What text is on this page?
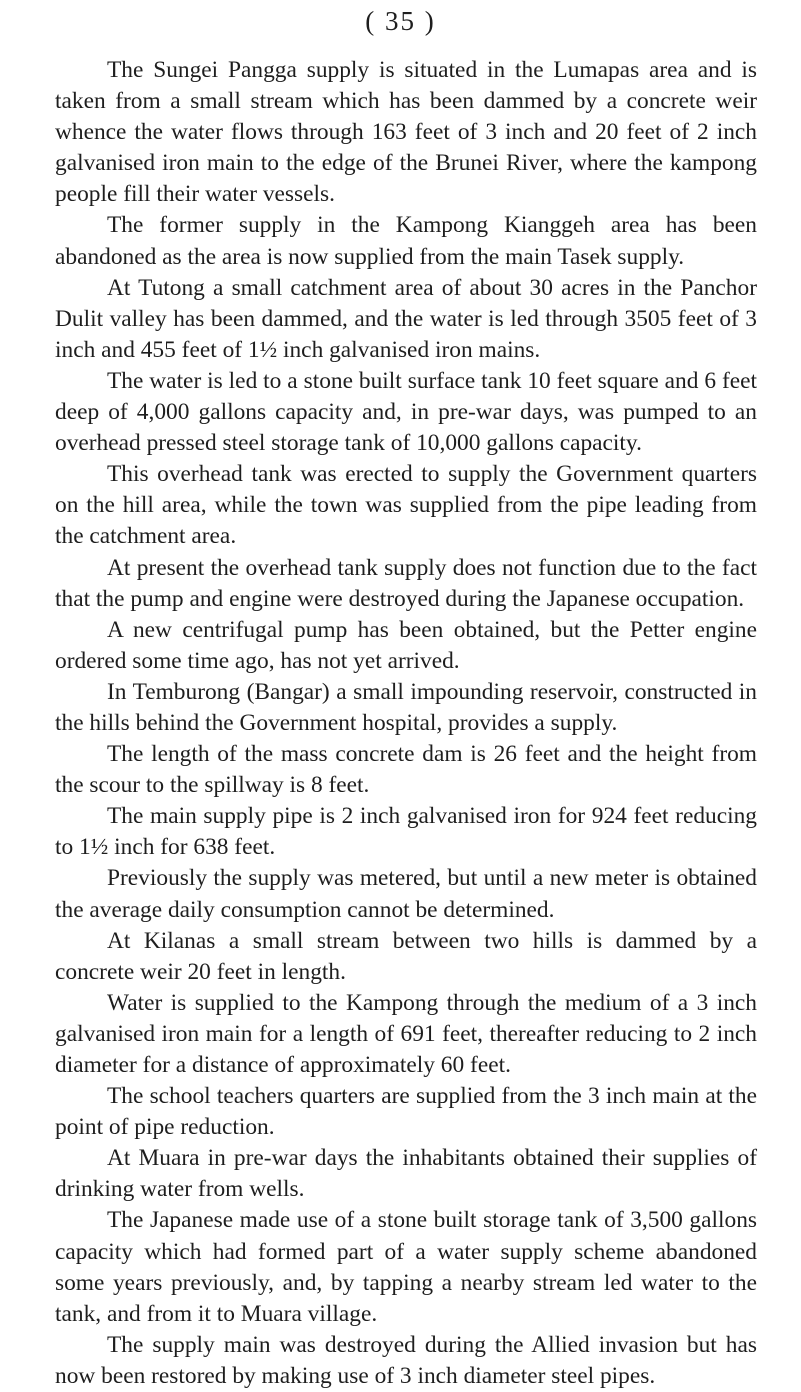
( 35 )

The Sungei Pangga supply is situated in the Lumapas area and is taken from a small stream which has been dammed by a concrete weir whence the water flows through 163 feet of 3 inch and 20 feet of 2 inch galvanised iron main to the edge of the Brunei River, where the kampong people fill their water vessels.

The former supply in the Kampong Kianggeh area has been abandoned as the area is now supplied from the main Tasek supply.

At Tutong a small catchment area of about 30 acres in the Panchor Dulit valley has been dammed, and the water is led through 3505 feet of 3 inch and 455 feet of 1½ inch galvanised iron mains.

The water is led to a stone built surface tank 10 feet square and 6 feet deep of 4,000 gallons capacity and, in pre-war days, was pumped to an overhead pressed steel storage tank of 10,000 gallons capacity.

This overhead tank was erected to supply the Government quarters on the hill area, while the town was supplied from the pipe leading from the catchment area.

At present the overhead tank supply does not function due to the fact that the pump and engine were destroyed during the Japanese occupation.

A new centrifugal pump has been obtained, but the Petter engine ordered some time ago, has not yet arrived.

In Temburong (Bangar) a small impounding reservoir, constructed in the hills behind the Government hospital, provides a supply.

The length of the mass concrete dam is 26 feet and the height from the scour to the spillway is 8 feet.

The main supply pipe is 2 inch galvanised iron for 924 feet reducing to 1½ inch for 638 feet.

Previously the supply was metered, but until a new meter is obtained the average daily consumption cannot be determined.

At Kilanas a small stream between two hills is dammed by a concrete weir 20 feet in length.

Water is supplied to the Kampong through the medium of a 3 inch galvanised iron main for a length of 691 feet, thereafter reducing to 2 inch diameter for a distance of approximately 60 feet.

The school teachers quarters are supplied from the 3 inch main at the point of pipe reduction.

At Muara in pre-war days the inhabitants obtained their supplies of drinking water from wells.

The Japanese made use of a stone built storage tank of 3,500 gallons capacity which had formed part of a water supply scheme abandoned some years previously, and, by tapping a nearby stream led water to the tank, and from it to Muara village.

The supply main was destroyed during the Allied invasion but has now been restored by making use of 3 inch diameter steel pipes.
